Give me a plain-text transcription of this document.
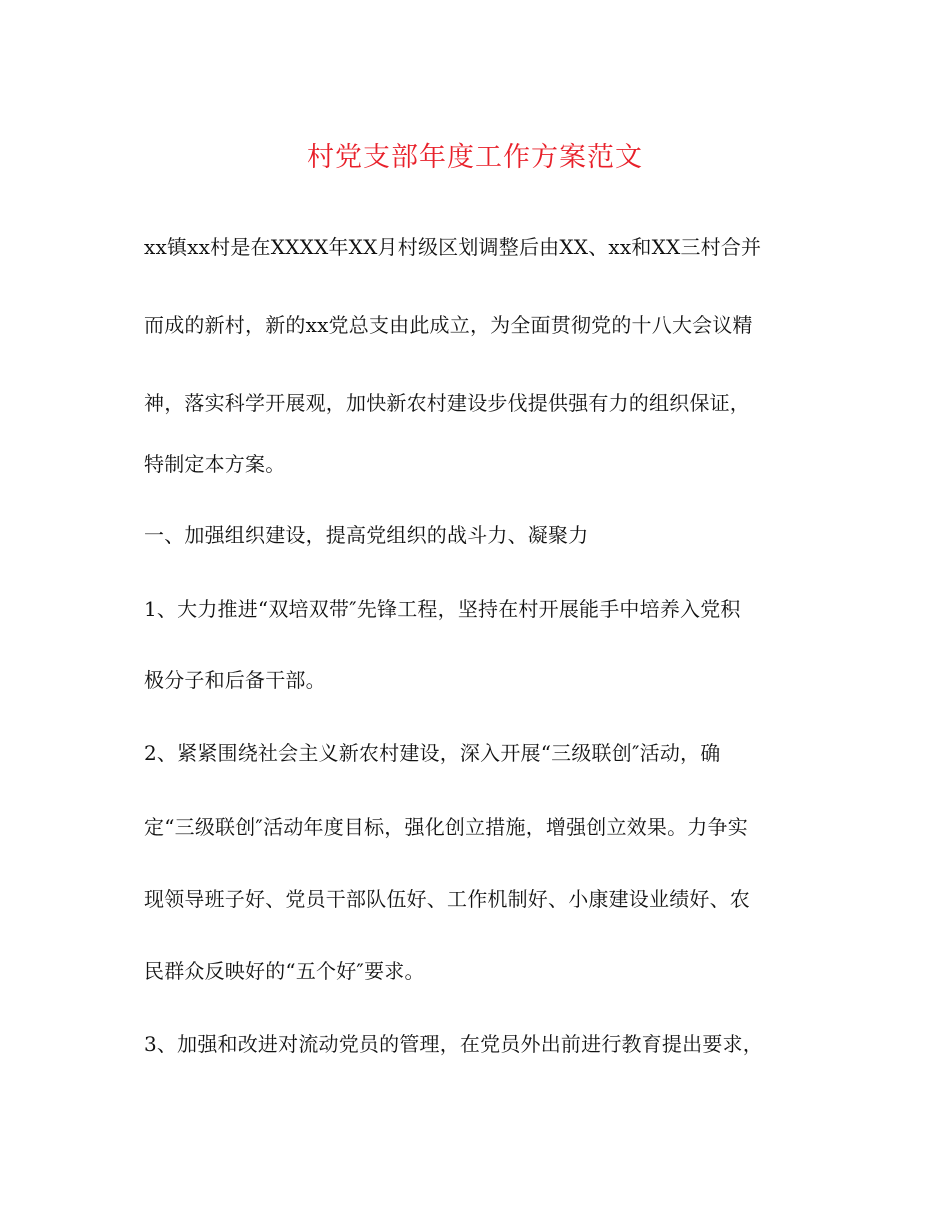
村党支部年度工作方案范文
xx镇xx村是在XXXX年XX月村级区划调整后由XX、xx和XX三村合并
而成的新村，新的xx党总支由此成立，为全面贯彻党的十八大会议精
神，落实科学开展观，加快新农村建设步伐提供强有力的组织保证，
特制定本方案。
一、加强组织建设，提高党组织的战斗力、凝聚力
1、大力推进“双培双带″先锋工程，坚持在村开展能手中培养入党积
极分子和后备干部。
2、紧紧围绕社会主义新农村建设，深入开展“三级联创″活动，确
定“三级联创″活动年度目标，强化创立措施，增强创立效果。力争实
现领导班子好、党员干部队伍好、工作机制好、小康建设业绩好、农
民群众反映好的“五个好″要求。
3、加强和改进对流动党员的管理，在党员外出前进行教育提出要求，
